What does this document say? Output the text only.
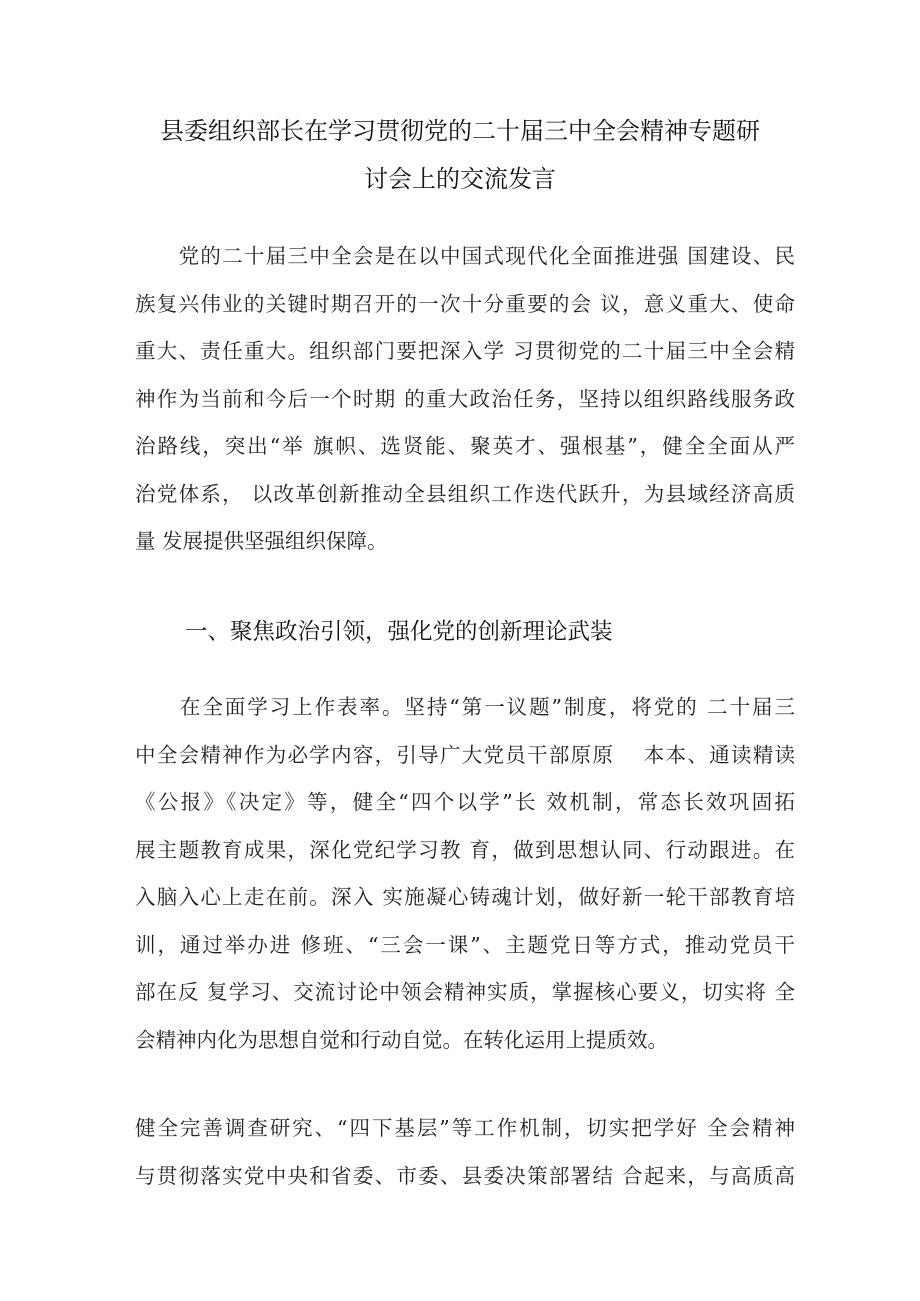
县委组织部长在学习贯彻党的二十届三中全会精神专题研
讨会上的交流发言
　　党的二十届三中全会是在以中国式现代化全面推进强 国建设、民
族复兴伟业的关键时期召开的一次十分重要的会 议，意义重大、使命
重大、责任重大。组织部门要把深入学 习贯彻党的二十届三中全会精
神作为当前和今后一个时期 的重大政治任务，坚持以组织路线服务政
治路线，突出“举 旗帜、选贤能、聚英才、强根基”，健全全面从严
治党体系， 以改革创新推动全县组织工作迭代跃升，为县域经济高质
量 发展提供坚强组织保障。
一、聚焦政治引领，强化党的创新理论武装
　　在全面学习上作表率。坚持“第一议题”制度，将党的 二十届三
中全会精神作为必学内容，引导广大党员干部原原　 本本、通读精读
《公报》《决定》等，健全“四个以学”长 效机制，常态长效巩固拓
展主题教育成果，深化党纪学习教 育，做到思想认同、行动跟进。在
入脑入心上走在前。深入 实施凝心铸魂计划，做好新一轮干部教育培
训，通过举办进 修班、“三会一课”、主题党日等方式，推动党员干
部在反 复学习、交流讨论中领会精神实质，掌握核心要义，切实将 全
会精神内化为思想自觉和行动自觉。在转化运用上提质效。
健全完善调查研究、“四下基层”等工作机制，切实把学好 全会精神
与贯彻落实党中央和省委、市委、县委决策部署结 合起来，与高质高
